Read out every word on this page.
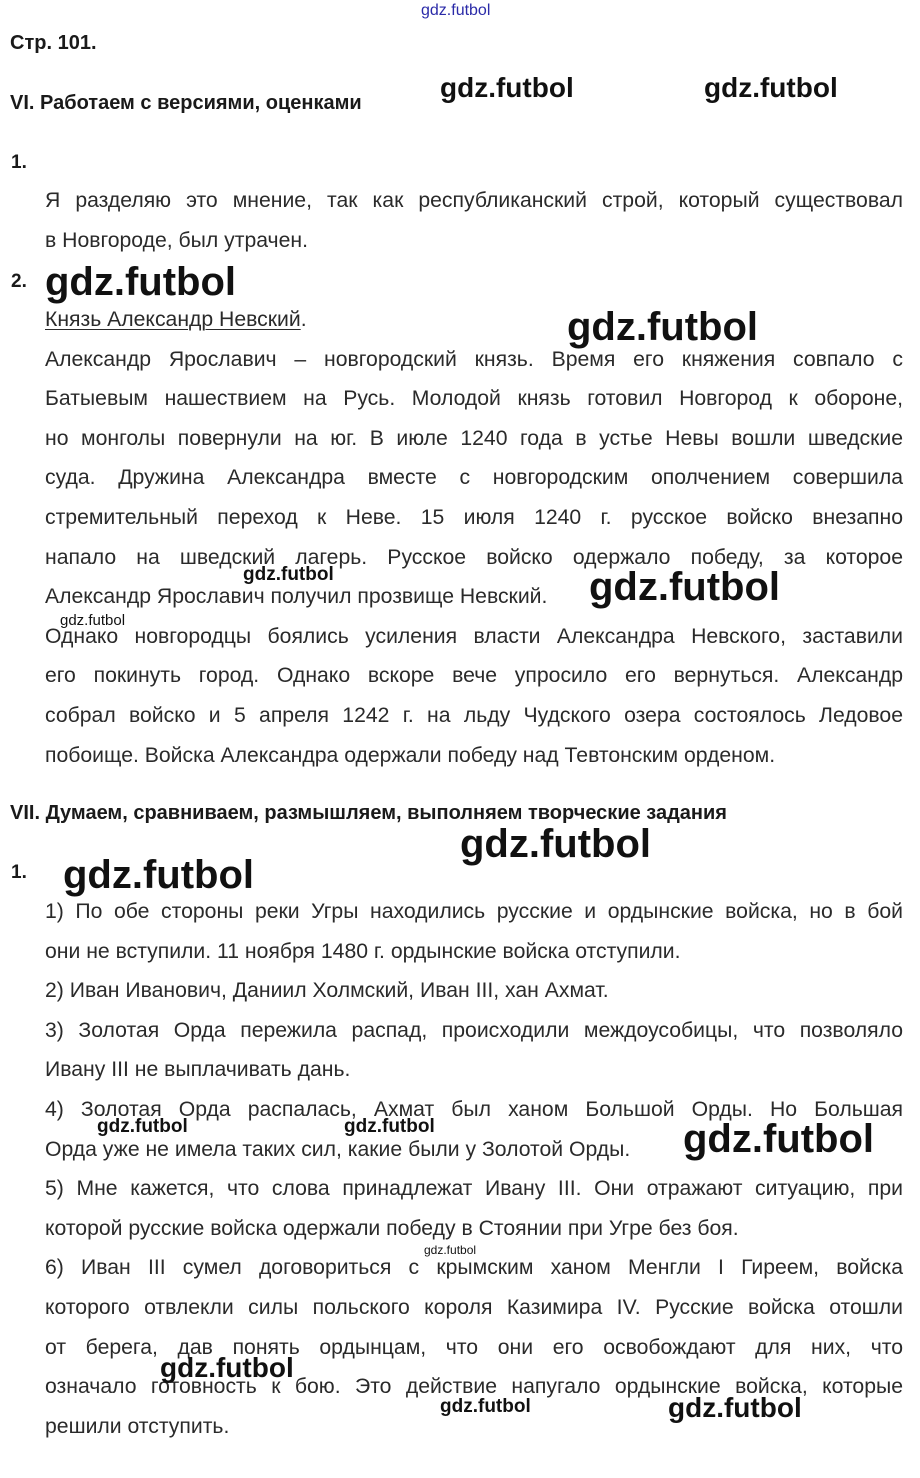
Стр. 101.
VI. Работаем с версиями, оценками
1.
Я разделяю это мнение, так как республиканский строй, который существовал
в Новгороде, был утрачен.
2.
Князь Александр Невский.
Александр Ярославич – новгородский князь. Время его княжения совпало с
Батыевым нашествием на Русь. Молодой князь готовил Новгород к обороне,
но монголы повернули на юг. В июле 1240 года в устье Невы вошли шведские
суда. Дружина Александра вместе с новгородским ополчением совершила
стремительный переход к Неве. 15 июля 1240 г. русское войско внезапно
напало на шведский лагерь. Русское войско одержало победу, за которое
Александр Ярославич получил прозвище Невский.
Однако новгородцы боялись усиления власти Александра Невского, заставили
его покинуть город. Однако вскоре вече упросило его вернуться. Александр
собрал войско и 5 апреля 1242 г. на льду Чудского озера состоялось Ледовое
побоище. Войска Александра одержали победу над Тевтонским орденом.
VII. Думаем, сравниваем, размышляем, выполняем творческие задания
1.
1) По обе стороны реки Угры находились русские и ордынские войска, но в бой
они не вступили. 11 ноября 1480 г. ордынские войска отступили.
2) Иван Иванович, Даниил Холмский, Иван III, хан Ахмат.
3) Золотая Орда пережила распад, происходили междоусобицы, что позволяло
Ивану III не выплачивать дань.
4) Золотая Орда распалась, Ахмат был ханом Большой Орды. Но Большая
Орда уже не имела таких сил, какие были у Золотой Орды.
5) Мне кажется, что слова принадлежат Ивану III. Они отражают ситуацию, при
которой русские войска одержали победу в Стоянии при Угре без боя.
6) Иван III сумел договориться с крымским ханом Менгли I Гиреем, войска
которого отвлекли силы польского короля Казимира IV. Русские войска отошли
от берега, дав понять ордынцам, что они его освобождают для них, что
означало готовность к бою. Это действие напугало ордынские войска, которые
решили отступить.
gdz.futbol
gdz.futbol	gdz.futbol
gdz.futbol
gdz.futbol
gdz.futbol	gdz.futbol
gdz.futbol
gdz.futbol
gdz.futbol
gdz.futbol	gdz.futbol	gdz.futbol
gdz.futbol
gdz.futbol
gdz.futbol	gdz.futbol
